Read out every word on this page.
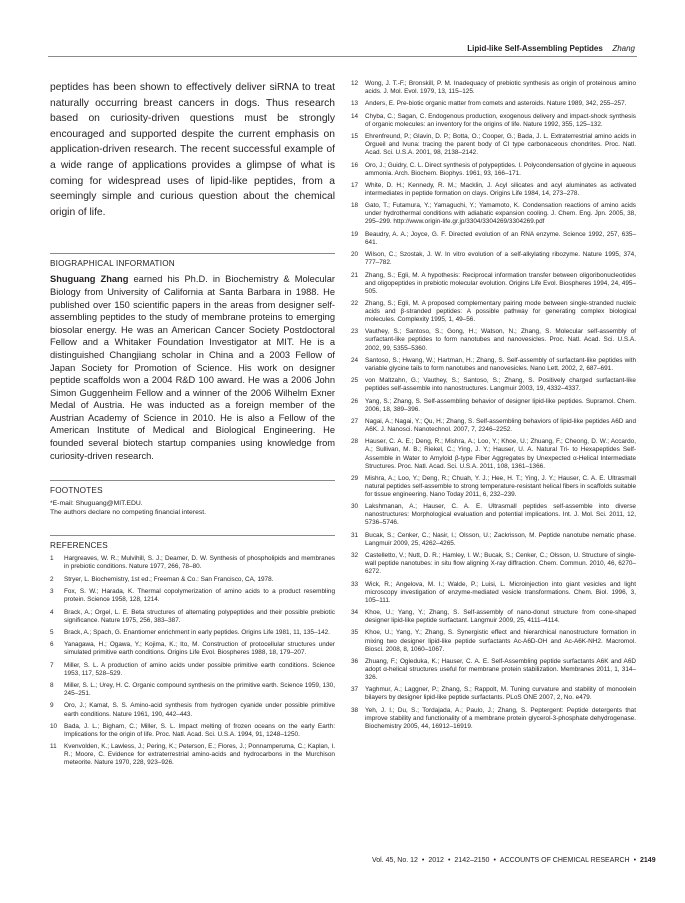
Lipid-like Self-Assembling Peptides Zhang

peptides has been shown to effectively deliver siRNA to treat naturally occurring breast cancers in dogs. Thus research based on curiosity-driven questions must be strongly encouraged and supported despite the current emphasis on application-driven research. The recent successful example of a wide range of applications provides a glimpse of what is coming for widespread uses of lipid-like peptides, from a seemingly simple and curious question about the chemical origin of life.

BIOGRAPHICAL INFORMATION

Shuguang Zhang earned his Ph.D. in Biochemistry & Molecular Biology from University of California at Santa Barbara in 1988. He published over 150 scientific papers in the areas from designer self-assembling peptides to the study of membrane proteins to emerging biosolar energy. He was an American Cancer Society Postdoctoral Fellow and a Whitaker Foundation Investigator at MIT. He is a distinguished Changjiang scholar in China and a 2003 Fellow of Japan Society for Promotion of Science. His work on designer peptide scaffolds won a 2004 R&D 100 award. He was a 2006 John Simon Guggenheim Fellow and a winner of the 2006 Wilhelm Exner Medal of Austria. He was inducted as a foreign member of the Austrian Academy of Science in 2010. He is also a Fellow of the American Institute of Medical and Biological Engineering. He founded several biotech startup companies using knowledge from curiosity-driven research.

FOOTNOTES

*E-mail: Shuguang@MIT.EDU.

The authors declare no competing financial interest.

REFERENCES

1	Hargreaves, W. R.; Mulvihill, S. J.; Deamer, D. W. Synthesis of phospholipids and membranes in prebiotic conditions. Nature 1977, 266, 78–80.
2	Stryer, L. Biochemistry, 1st ed.; Freeman & Co.: San Francisco, CA, 1978.
3	Fox, S. W.; Harada, K. Thermal copolymerization of amino acids to a product resembling protein. Science 1958, 128, 1214.
4	Brack, A.; Orgel, L. E. Beta structures of alternating polypeptides and their possible prebiotic significance. Nature 1975, 256, 383–387.
5	Brack, A.; Spach, G. Enantiomer enrichment in early peptides. Origins Life 1981, 11, 135–142.
6	Yanagawa, H.; Ogawa, Y.; Kojima, K.; Ito, M. Construction of protocellular structures under simulated primitive earth conditions. Origins Life Evol. Biospheres 1988, 18, 179–207.
7	Miller, S. L. A production of amino acids under possible primitive earth conditions. Science 1953, 117, 528–529.
8	Miller, S. L.; Urey, H. C. Organic compound synthesis on the primitive earth. Science 1959, 130, 245–251.
9	Oro, J.; Kamat, S. S. Amino-acid synthesis from hydrogen cyanide under possible primitive earth conditions. Nature 1961, 190, 442–443.
10	Bada, J. L.; Bigham, C.; Miller, S. L. Impact melting of frozen oceans on the early Earth: Implications for the origin of life. Proc. Natl. Acad. Sci. U.S.A. 1994, 91, 1248–1250.
11	Kvenvolden, K.; Lawless, J.; Pering, K.; Peterson, E.; Flores, J.; Ponnamperuma, C.; Kaplan, I. R.; Moore, C. Evidence for extraterrestrial amino-acids and hydrocarbons in the Murchison meteorite. Nature 1970, 228, 923–926.
12	Wong, J. T.-F.; Bronskill, P. M. Inadequacy of prebiotic synthesis as origin of proteinous amino acids. J. Mol. Evol. 1979, 13, 115–125.
13	Anders, E. Pre-biotic organic matter from comets and asteroids. Nature 1989, 342, 255–257.
14	Chyba, C.; Sagan, C. Endogenous production, exogenous delivery and impact-shock synthesis of organic molecules: an inventory for the origins of life. Nature 1992, 355, 125–132.
15	Ehrenfreund, P.; Glavin, D. P.; Botta, O.; Cooper, G.; Bada, J. L. Extraterrestrial amino acids in Orgueil and Ivuna: tracing the parent body of CI type carbonaceous chondrites. Proc. Natl. Acad. Sci. U.S.A. 2001, 98, 2138–2142.
16	Oro, J.; Guidry, C. L. Direct synthesis of polypeptides. I. Polycondensation of glycine in aqueous ammonia. Arch. Biochem. Biophys. 1961, 93, 166–171.
17	White, D. H.; Kennedy, R. M.; Macklin, J. Acyl silicates and acyl aluminates as activated intermediates in peptide formation on clays. Origins Life 1984, 14, 273–278.
18	Gato, T.; Futamura, Y.; Yamaguchi, Y.; Yamamoto, K. Condensation reactions of amino acids under hydrothermal conditions with adiabatic expansion cooling. J. Chem. Eng. Jpn. 2005, 38, 295–299. http://www.origin-life.gr.jp/3304/3304269/3304269.pdf
19	Beaudry, A. A.; Joyce, G. F. Directed evolution of an RNA enzyme. Science 1992, 257, 635–641.
20	Wilson, C.; Szostak, J. W. In vitro evolution of a self-alkylating ribozyme. Nature 1995, 374, 777–782.
21	Zhang, S.; Egli, M. A hypothesis: Reciprocal information transfer between oligoribonucleotides and oligopeptides in prebiotic molecular evolution. Origins Life Evol. Biospheres 1994, 24, 495–505.
22	Zhang, S.; Egli, M. A proposed complementary pairing mode between single-stranded nucleic acids and β-stranded peptides: A possible pathway for generating complex biological molecules. Complexity 1995, 1, 49–56.
23	Vauthey, S.; Santoso, S.; Gong, H.; Watson, N.; Zhang, S. Molecular self-assembly of surfactant-like peptides to form nanotubes and nanovesicles. Proc. Natl. Acad. Sci. U.S.A. 2002, 99, 5355–5360.
24	Santoso, S.; Hwang, W.; Hartman, H.; Zhang, S. Self-assembly of surfactant-like peptides with variable glycine tails to form nanotubes and nanovesicles. Nano Lett. 2002, 2, 687–691.
25	von Maltzahn, G.; Vauthey, S.; Santoso, S.; Zhang, S. Positively charged surfactant-like peptides self-assemble into nanostructures. Langmuir 2003, 19, 4332–4337.
26	Yang, S.; Zhang, S. Self-assembling behavior of designer lipid-like peptides. Supramol. Chem. 2006, 18, 389–396.
27	Nagai, A.; Nagai, Y.; Qu, H.; Zhang, S. Self-assembling behaviors of lipid-like peptides A6D and A6K. J. Nanosci. Nanotechnol. 2007, 7, 2246–2252.
28	Hauser, C. A. E.; Deng, R.; Mishra, A.; Loo, Y.; Khoe, U.; Zhuang, F.; Cheong, D. W.; Accardo, A.; Sullivan, M. B.; Riekel, C.; Ying, J. Y.; Hauser, U. A. Natural Tri- to Hexapeptides Self-Assemble in Water to Amyloid β-type Fiber Aggregates by Unexpected α-Helical Intermediate Structures. Proc. Natl. Acad. Sci. U.S.A. 2011, 108, 1361–1366.
29	Mishra, A.; Loo, Y.; Deng, R.; Chuah, Y. J.; Hee, H. T.; Ying, J. Y.; Hauser, C. A. E. Ultrasmall natural peptides self-assemble to strong temperature-resistant helical fibers in scaffolds suitable for tissue engineering. Nano Today 2011, 6, 232–239.
30	Lakshmanan, A.; Hauser, C. A. E. Ultrasmall peptides self-assemble into diverse nanostructures: Morphological evaluation and potential implications. Int. J. Mol. Sci. 2011, 12, 5736–5746.
31	Bucak, S.; Cenker, C.; Nasir, I.; Olsson, U.; Zackrisson, M. Peptide nanotube nematic phase. Langmuir 2009, 25, 4262–4265.
32	Castelletto, V.; Nutt, D. R.; Hamley, I. W.; Bucak, S.; Cenker, C.; Olsson, U. Structure of single-wall peptide nanotubes: in situ flow aligning X-ray diffraction. Chem. Commun. 2010, 46, 6270–6272.
33	Wick, R.; Angelova, M. I.; Walde, P.; Luisi, L. Microinjection into giant vesicles and light microscopy investigation of enzyme-mediated vesicle transformations. Chem. Biol. 1996, 3, 105–111.
34	Khoe, U.; Yang, Y.; Zhang, S. Self-assembly of nano-donut structure from cone-shaped designer lipid-like peptide surfactant. Langmuir 2009, 25, 4111–4114.
35	Khoe, U.; Yang, Y.; Zhang, S. Synergistic effect and hierarchical nanostructure formation in mixing two designer lipid-like peptide surfactants Ac-A6D-OH and Ac-A6K-NH2. Macromol. Biosci. 2008, 8, 1060–1067.
36	Zhuang, F.; Ogleduka, K.; Hauser, C. A. E. Self-Assembling peptide surfactants A6K and A6D adopt α-helical structures useful for membrane protein stabilization. Membranes 2011, 1, 314–326.
37	Yaghmur, A.; Laggner, P.; Zhang, S.; Rappolt, M. Tuning curvature and stability of monoolein bilayers by designer lipid-like peptide surfactants. PLoS ONE 2007, 2, No. e479.
38	Yeh, J. I.; Du, S.; Tordajada, A.; Paulo, J.; Zhang, S. Peptergent: Peptide detergents that improve stability and functionality of a membrane protein glycerol-3-phosphate dehydrogenase. Biochemistry 2005, 44, 16912–16919.
Vol. 45, No. 12 • 2012 • 2142–2150 • ACCOUNTS OF CHEMICAL RESEARCH • 2149
